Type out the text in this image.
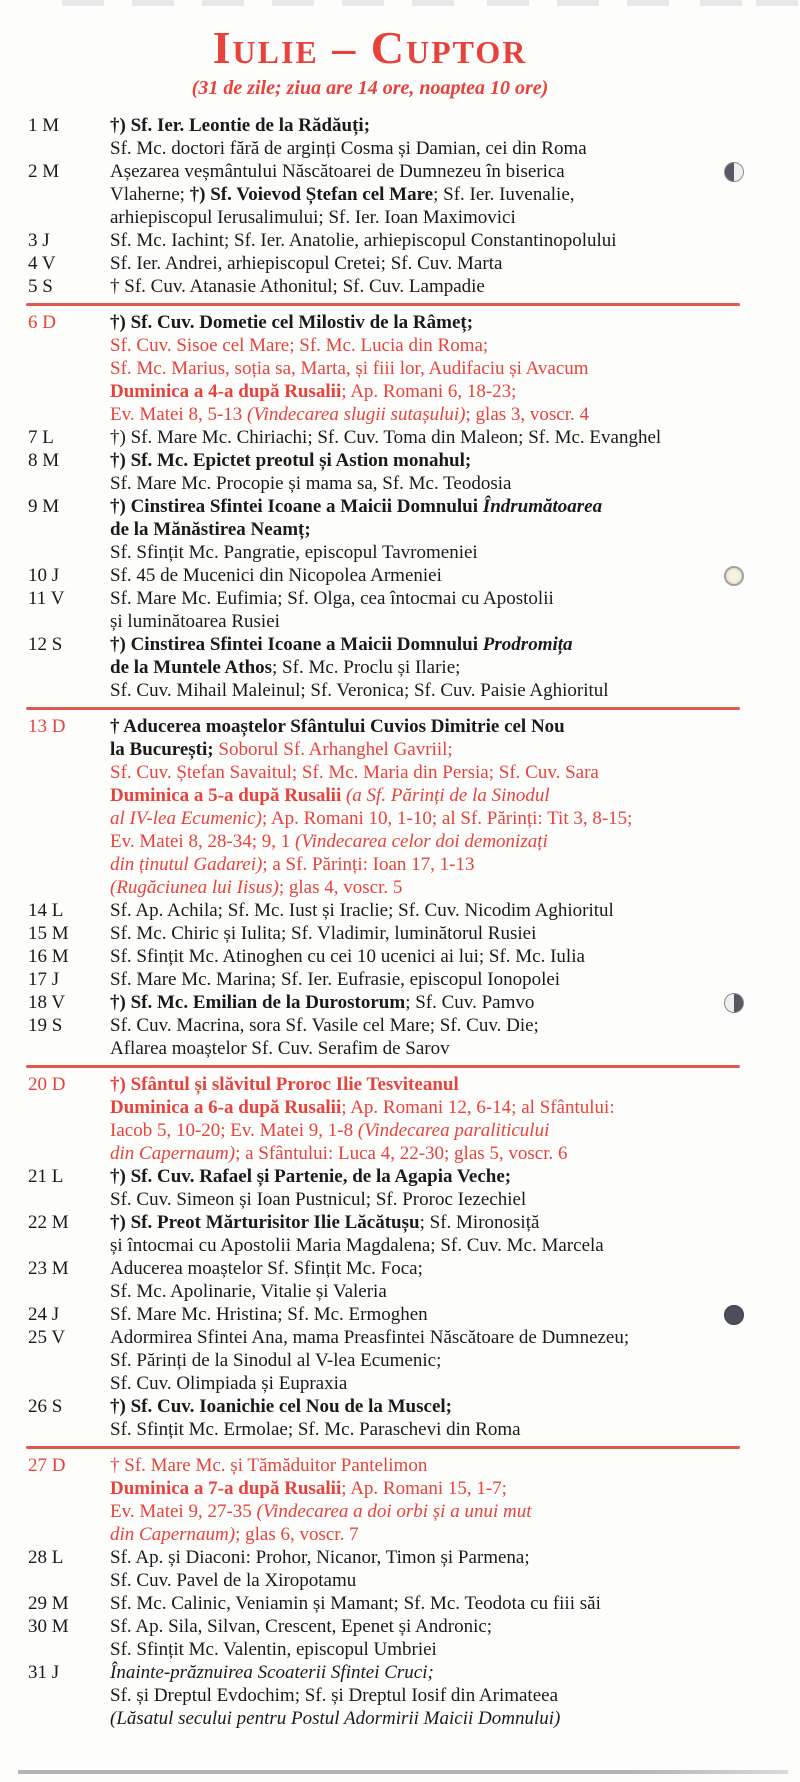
Iulie – Cuptor
(31 de zile; ziua are 14 ore, noaptea 10 ore)
1 M	†) Sf. Ier. Leontie de la Rădăuți;
Sf. Mc. doctori fără de arginți Cosma și Damian, cei din Roma
2 M	Așezarea veșmântului Născătoarei de Dumnezeu în biserica
Vlaherne; †) Sf. Voievod Ștefan cel Mare; Sf. Ier. Iuvenalie,
arhiepiscopul Ierusalimului; Sf. Ier. Ioan Maximovici
3 J	Sf. Mc. Iachint; Sf. Ier. Anatolie, arhiepiscopul Constantinopolului
4 V	Sf. Ier. Andrei, arhiepiscopul Cretei; Sf. Cuv. Marta
5 S	† Sf. Cuv. Atanasie Athonitul; Sf. Cuv. Lampadie
6 D	†) Sf. Cuv. Dometie cel Milostiv de la Râmeț;
Sf. Cuv. Sisoe cel Mare; Sf. Mc. Lucia din Roma;
Sf. Mc. Marius, soția sa, Marta, și fiii lor, Audifaciu și Avacum
Duminica a 4-a după Rusalii; Ap. Romani 6, 18-23;
Ev. Matei 8, 5-13 (Vindecarea slugii sutașului); glas 3, voscr. 4
7 L	†) Sf. Mare Mc. Chiriachi; Sf. Cuv. Toma din Maleon; Sf. Mc. Evanghel
8 M	†) Sf. Mc. Epictet preotul și Astion monahul;
Sf. Mare Mc. Procopie și mama sa, Sf. Mc. Teodosia
9 M	†) Cinstirea Sfintei Icoane a Maicii Domnului Îndrumătoarea
de la Mănăstirea Neamț;
Sf. Sfințit Mc. Pangratie, episcopul Tavromeniei
10 J	Sf. 45 de Mucenici din Nicopolea Armeniei
11 V	Sf. Mare Mc. Eufimia; Sf. Olga, cea întocmai cu Apostolii
și luminătoarea Rusiei
12 S	†) Cinstirea Sfintei Icoane a Maicii Domnului Prodromița
de la Muntele Athos; Sf. Mc. Proclu și Ilarie;
Sf. Cuv. Mihail Maleinul; Sf. Veronica; Sf. Cuv. Paisie Aghioritul
13 D	† Aducerea moaștelor Sfântului Cuvios Dimitrie cel Nou
la București; Soborul Sf. Arhanghel Gavriil;
Sf. Cuv. Ștefan Savaitul; Sf. Mc. Maria din Persia; Sf. Cuv. Sara
Duminica a 5-a după Rusalii (a Sf. Părinți de la Sinodul
al IV-lea Ecumenic); Ap. Romani 10, 1-10; al Sf. Părinți: Tit 3, 8-15;
Ev. Matei 8, 28-34; 9, 1 (Vindecarea celor doi demonizați
din ținutul Gadarei); a Sf. Părinți: Ioan 17, 1-13
(Rugăciunea lui Iisus); glas 4, voscr. 5
14 L	Sf. Ap. Achila; Sf. Mc. Iust și Iraclie; Sf. Cuv. Nicodim Aghioritul
15 M	Sf. Mc. Chiric și Iulita; Sf. Vladimir, luminătorul Rusiei
16 M	Sf. Sfințit Mc. Atinoghen cu cei 10 ucenici ai lui; Sf. Mc. Iulia
17 J	Sf. Mare Mc. Marina; Sf. Ier. Eufrasie, episcopul Ionopolei
18 V	†) Sf. Mc. Emilian de la Durostorum; Sf. Cuv. Pamvo
19 S	Sf. Cuv. Macrina, sora Sf. Vasile cel Mare; Sf. Cuv. Die;
Aflarea moaștelor Sf. Cuv. Serafim de Sarov
20 D	†) Sfântul și slăvitul Proroc Ilie Tesviteanul
Duminica a 6-a după Rusalii; Ap. Romani 12, 6-14; al Sfântului:
Iacob 5, 10-20; Ev. Matei 9, 1-8 (Vindecarea paraliticului
din Capernaum); a Sfântului: Luca 4, 22-30; glas 5, voscr. 6
21 L	†) Sf. Cuv. Rafael și Partenie, de la Agapia Veche;
Sf. Cuv. Simeon și Ioan Pustnicul; Sf. Proroc Iezechiel
22 M	†) Sf. Preot Mărturisitor Ilie Lăcătușu; Sf. Mironosiță
și întocmai cu Apostolii Maria Magdalena; Sf. Cuv. Mc. Marcela
23 M	Aducerea moaștelor Sf. Sfințit Mc. Foca;
Sf. Mc. Apolinarie, Vitalie și Valeria
24 J	Sf. Mare Mc. Hristina; Sf. Mc. Ermoghen
25 V	Adormirea Sfintei Ana, mama Preasfintei Născătoare de Dumnezeu;
Sf. Părinți de la Sinodul al V-lea Ecumenic;
Sf. Cuv. Olimpiada și Eupraxia
26 S	†) Sf. Cuv. Ioanichie cel Nou de la Muscel;
Sf. Sfințit Mc. Ermolae; Sf. Mc. Paraschevi din Roma
27 D	† Sf. Mare Mc. și Tămăduitor Pantelimon
Duminica a 7-a după Rusalii; Ap. Romani 15, 1-7;
Ev. Matei 9, 27-35 (Vindecarea a doi orbi și a unui mut
din Capernaum); glas 6, voscr. 7
28 L	Sf. Ap. și Diaconi: Prohor, Nicanor, Timon și Parmena;
Sf. Cuv. Pavel de la Xiropotamu
29 M	Sf. Mc. Calinic, Veniamin și Mamant; Sf. Mc. Teodota cu fiii săi
30 M	Sf. Ap. Sila, Silvan, Crescent, Epenet și Andronic;
Sf. Sfințit Mc. Valentin, episcopul Umbriei
31 J	Înainte-prăznuirea Scoaterii Sfintei Cruci;
Sf. și Dreptul Evdochim; Sf. și Dreptul Iosif din Arimateea
(Lăsatul secului pentru Postul Adormirii Maicii Domnului)
